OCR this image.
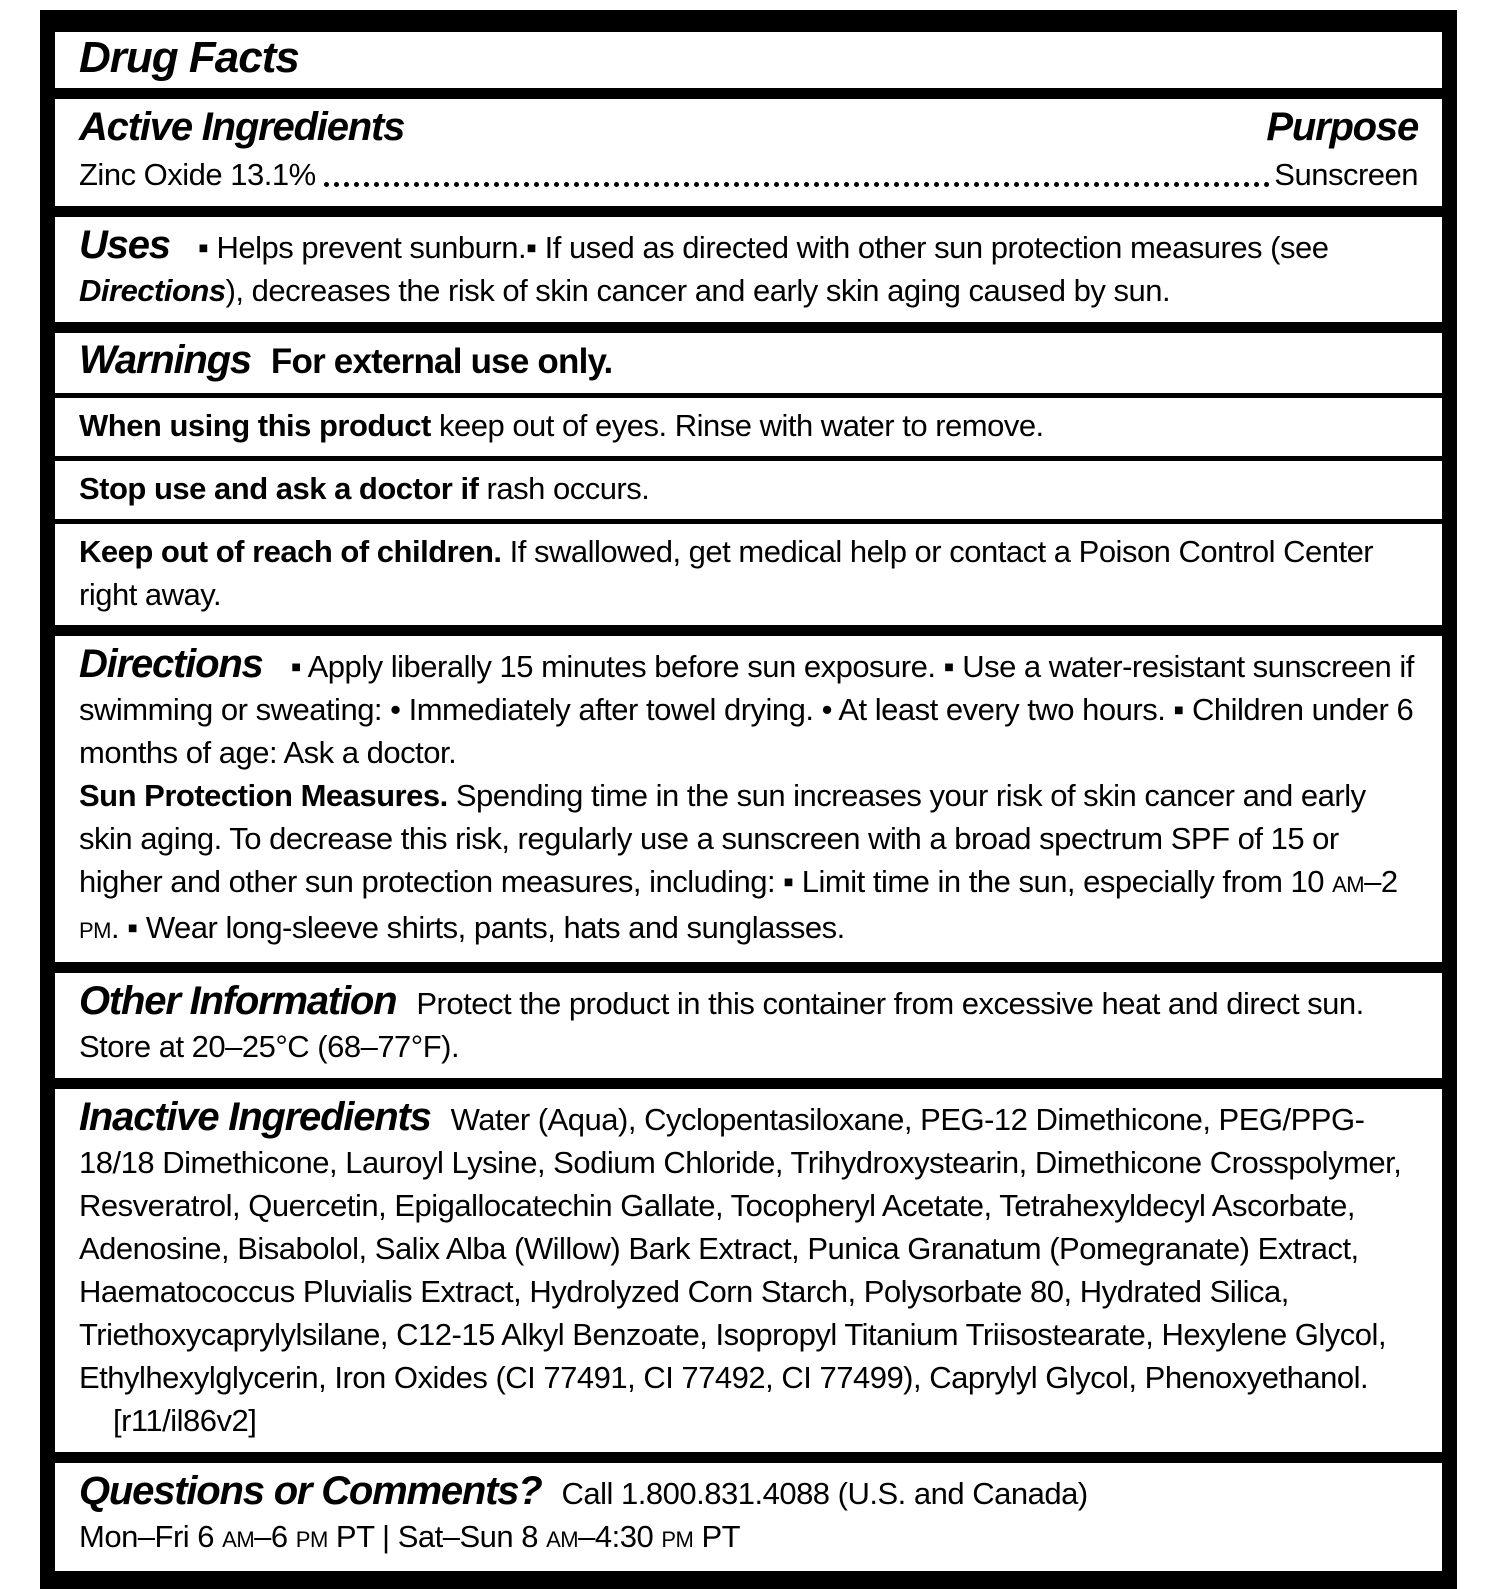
Drug Facts
Active Ingredients	Purpose
Zinc Oxide 13.1%	Sunscreen

Uses ▪ Helps prevent sunburn.▪ If used as directed with other sun protection measures (see Directions), decreases the risk of skin cancer and early skin aging caused by sun.

Warnings For external use only.
When using this product keep out of eyes. Rinse with water to remove.
Stop use and ask a doctor if rash occurs.
Keep out of reach of children. If swallowed, get medical help or contact a Poison Control Center right away.

Directions ▪ Apply liberally 15 minutes before sun exposure. ▪ Use a water-resistant sunscreen if swimming or sweating: • Immediately after towel drying. • At least every two hours. ▪ Children under 6 months of age: Ask a doctor.

Sun Protection Measures. Spending time in the sun increases your risk of skin cancer and early skin aging. To decrease this risk, regularly use a sunscreen with a broad spectrum SPF of 15 or higher and other sun protection measures, including: ▪ Limit time in the sun, especially from 10 AM–2 PM. ▪ Wear long-sleeve shirts, pants, hats and sunglasses.

Other Information Protect the product in this container from excessive heat and direct sun. Store at 20–25°C (68–77°F).

Inactive Ingredients Water (Aqua), Cyclopentasiloxane, PEG-12 Dimethicone, PEG/PPG-18/18 Dimethicone, Lauroyl Lysine, Sodium Chloride, Trihydroxystearin, Dimethicone Crosspolymer, Resveratrol, Quercetin, Epigallocatechin Gallate, Tocopheryl Acetate, Tetrahexyldecyl Ascorbate, Adenosine, Bisabolol, Salix Alba (Willow) Bark Extract, Punica Granatum (Pomegranate) Extract, Haematococcus Pluvialis Extract, Hydrolyzed Corn Starch, Polysorbate 80, Hydrated Silica, Triethoxycaprylylsilane, C12-15 Alkyl Benzoate, Isopropyl Titanium Triisostearate, Hexylene Glycol, Ethylhexylglycerin, Iron Oxides (CI 77491, CI 77492, CI 77499), Caprylyl Glycol, Phenoxyethanol.[r11/il86v2]

Questions or Comments? Call 1.800.831.4088 (U.S. and Canada)

Mon–Fri 6 AM–6 PM PT | Sat–Sun 8 AM–4:30 PM PT
